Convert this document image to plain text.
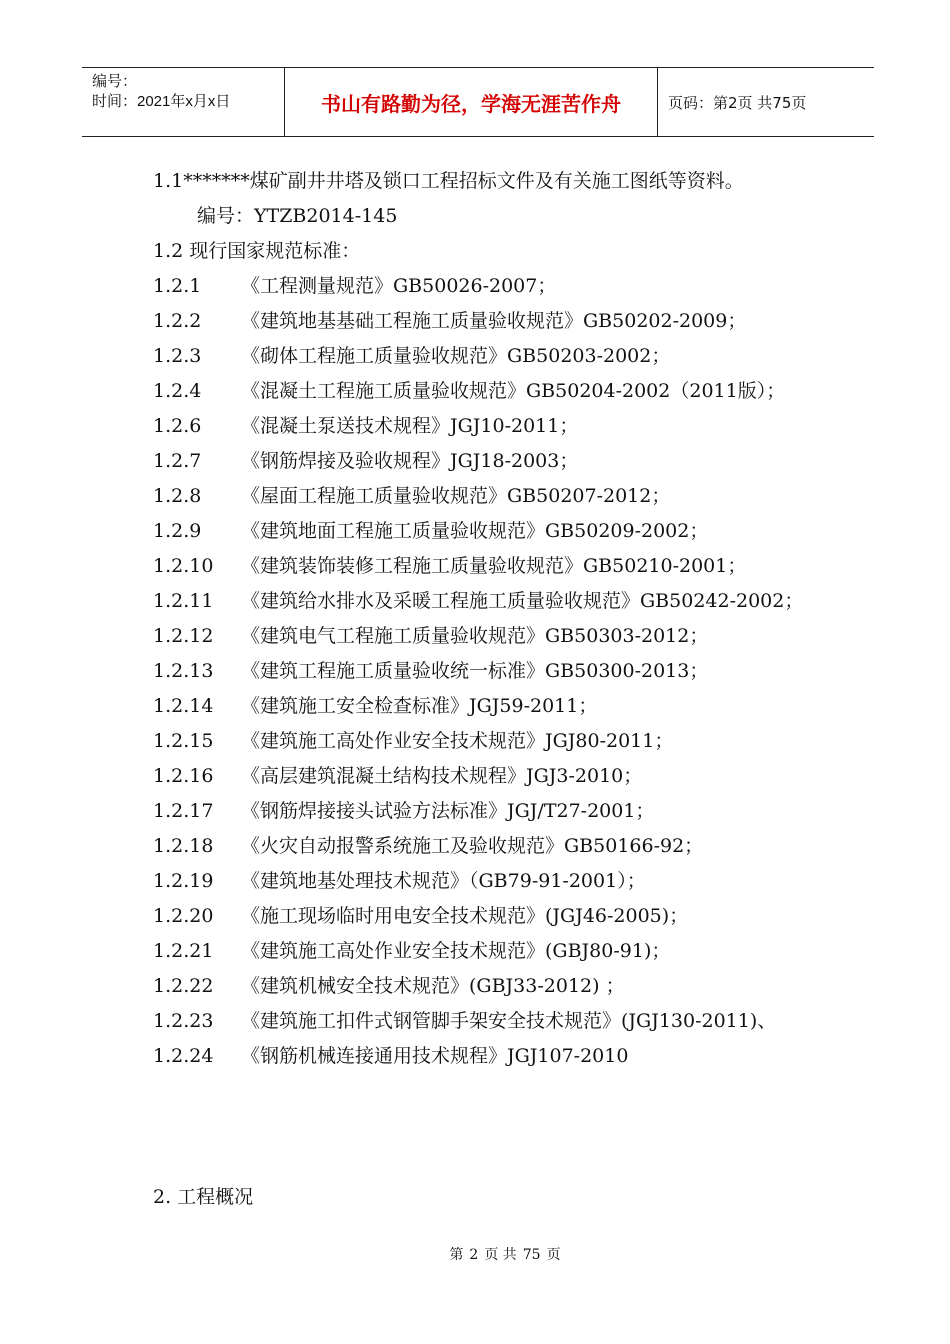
编号：
时间：2021年x月x日	书山有路勤为径，学海无涯苦作舟	页码：第2页 共75页
1.1*******煤矿副井井塔及锁口工程招标文件及有关施工图纸等资料。
编号：YTZB2014-145
1.2 现行国家规范标准：
1.2.1	《工程测量规范》GB50026-2007；
1.2.2	《建筑地基基础工程施工质量验收规范》GB50202-2009；
1.2.3	《砌体工程施工质量验收规范》GB50203-2002；
1.2.4	《混凝土工程施工质量验收规范》GB50204-2002（2011版）；
1.2.6	《混凝土泵送技术规程》JGJ10-2011；
1.2.7	《钢筋焊接及验收规程》JGJ18-2003；
1.2.8	《屋面工程施工质量验收规范》GB50207-2012；
1.2.9	《建筑地面工程施工质量验收规范》GB50209-2002；
1.2.10	《建筑装饰装修工程施工质量验收规范》GB50210-2001；
1.2.11	《建筑给水排水及采暖工程施工质量验收规范》GB50242-2002；
1.2.12	《建筑电气工程施工质量验收规范》GB50303-2012；
1.2.13	《建筑工程施工质量验收统一标准》GB50300-2013；
1.2.14	《建筑施工安全检查标准》JGJ59-2011；
1.2.15	《建筑施工高处作业安全技术规范》JGJ80-2011；
1.2.16	《高层建筑混凝土结构技术规程》JGJ3-2010；
1.2.17	《钢筋焊接接头试验方法标准》JGJ/T27-2001；
1.2.18	《火灾自动报警系统施工及验收规范》GB50166-92；
1.2.19	《建筑地基处理技术规范》（GB79-91-2001）；
1.2.20	《施工现场临时用电安全技术规范》(JGJ46-2005)；
1.2.21	《建筑施工高处作业安全技术规范》(GBJ80-91)；
1.2.22	《建筑机械安全技术规范》(GBJ33-2012) ；
1.2.23	《建筑施工扣件式钢管脚手架安全技术规范》(JGJ130-2011)、
1.2.24	《钢筋机械连接通用技术规程》JGJ107-2010
2. 工程概况
第 2 页 共 75 页
